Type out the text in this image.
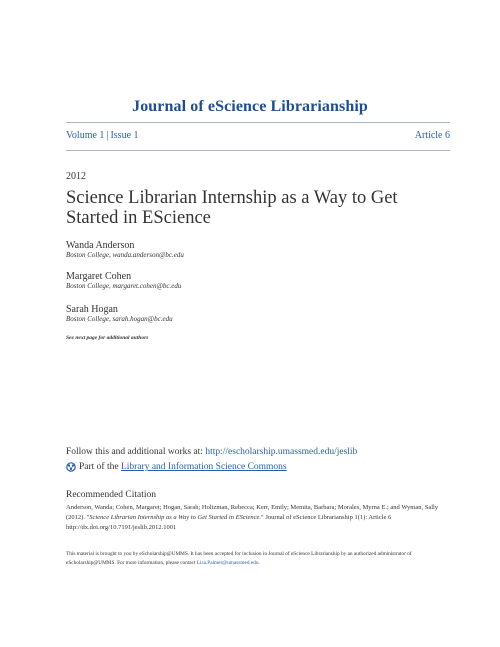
Journal of eScience Librarianship
Volume 1 | Issue 1	Article 6
2012
Science Librarian Internship as a Way to Get Started in EScience
Wanda Anderson
Boston College, wanda.anderson@bc.edu
Margaret Cohen
Boston College, margaret.cohen@bc.edu
Sarah Hogan
Boston College, sarah.hogan@bc.edu
See next page for additional authors
Follow this and additional works at: http://escholarship.umassmed.edu/jeslib
Part of the
Library and Information Science Commons
Recommended Citation
Anderson, Wanda; Cohen, Margaret; Hogan, Sarah; Holtzman, Rebecca; Kerr, Emily; Memita, Barbara; Morales, Myrna E.; and Wyman, Sally (2012). "Science Librarian Internship as a Way to Get Started in EScience." Journal of eScience Librarianship 1(1): Article 6
http://dx.doi.org/10.7191/jeslib.2012.1001
This material is brought to you by eScholarship@UMMS. It has been accepted for inclusion in Journal of eScience Librarianship by an authorized administrator of eScholarship@UMMS. For more information, please contact Lisa.Palmer@umassmed.edu.
